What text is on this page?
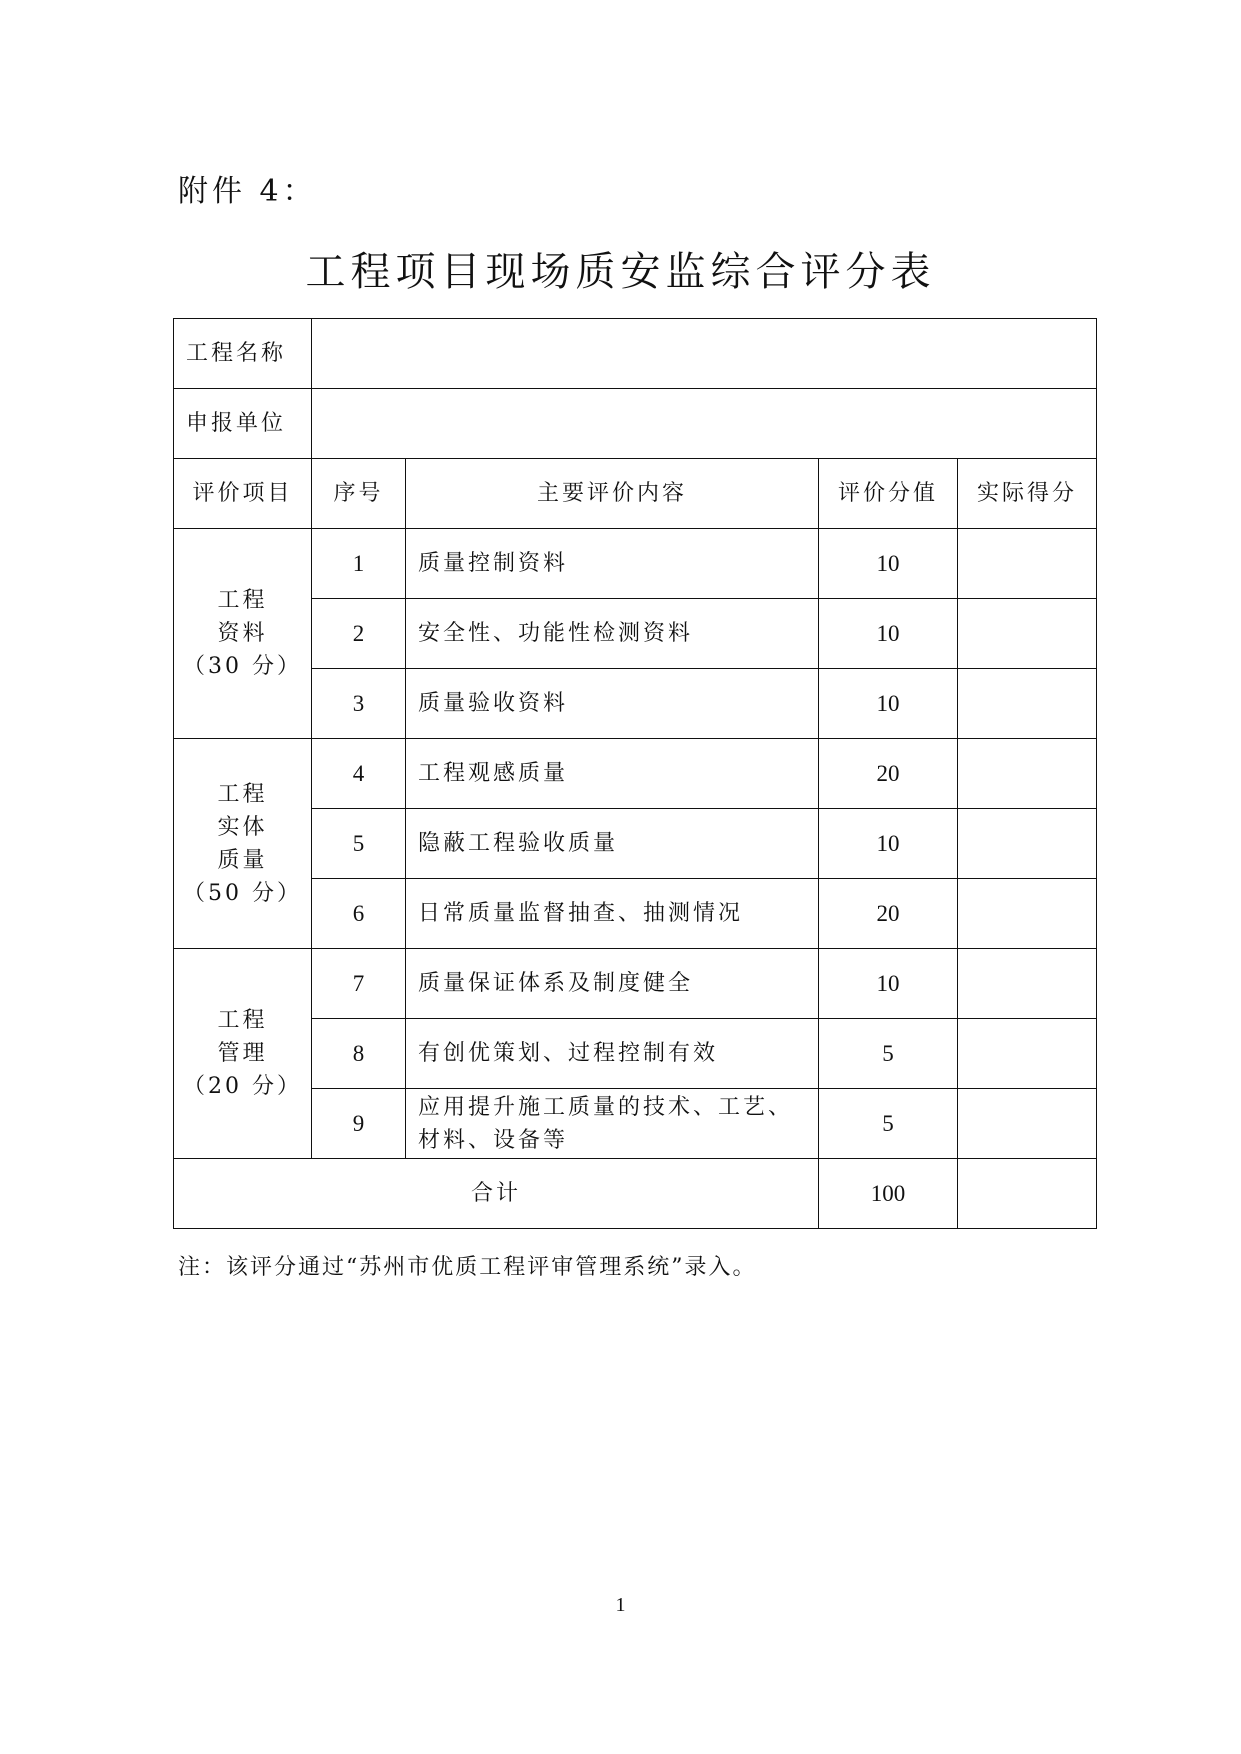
附件 4：
工程项目现场质安监综合评分表
工程名称				
申报单位				
评价项目	序号	主要评价内容	评价分值	实际得分

工程
资料
（30 分）	1	质量控制资料	10	
	2	安全性、功能性检测资料	10	
	3	质量验收资料	10	

工程
实体
质量
（50 分）	4	工程观感质量	20	
	5	隐蔽工程验收质量	10	
	6	日常质量监督抽查、抽测情况	20	

工程
管理
（20 分）	7	质量保证体系及制度健全	10	
	8	有创优策划、过程控制有效	5	
	9	应用提升施工质量的技术、工艺、材料、设备等	5	
合计			100	
注：该评分通过“苏州市优质工程评审管理系统”录入。
1
